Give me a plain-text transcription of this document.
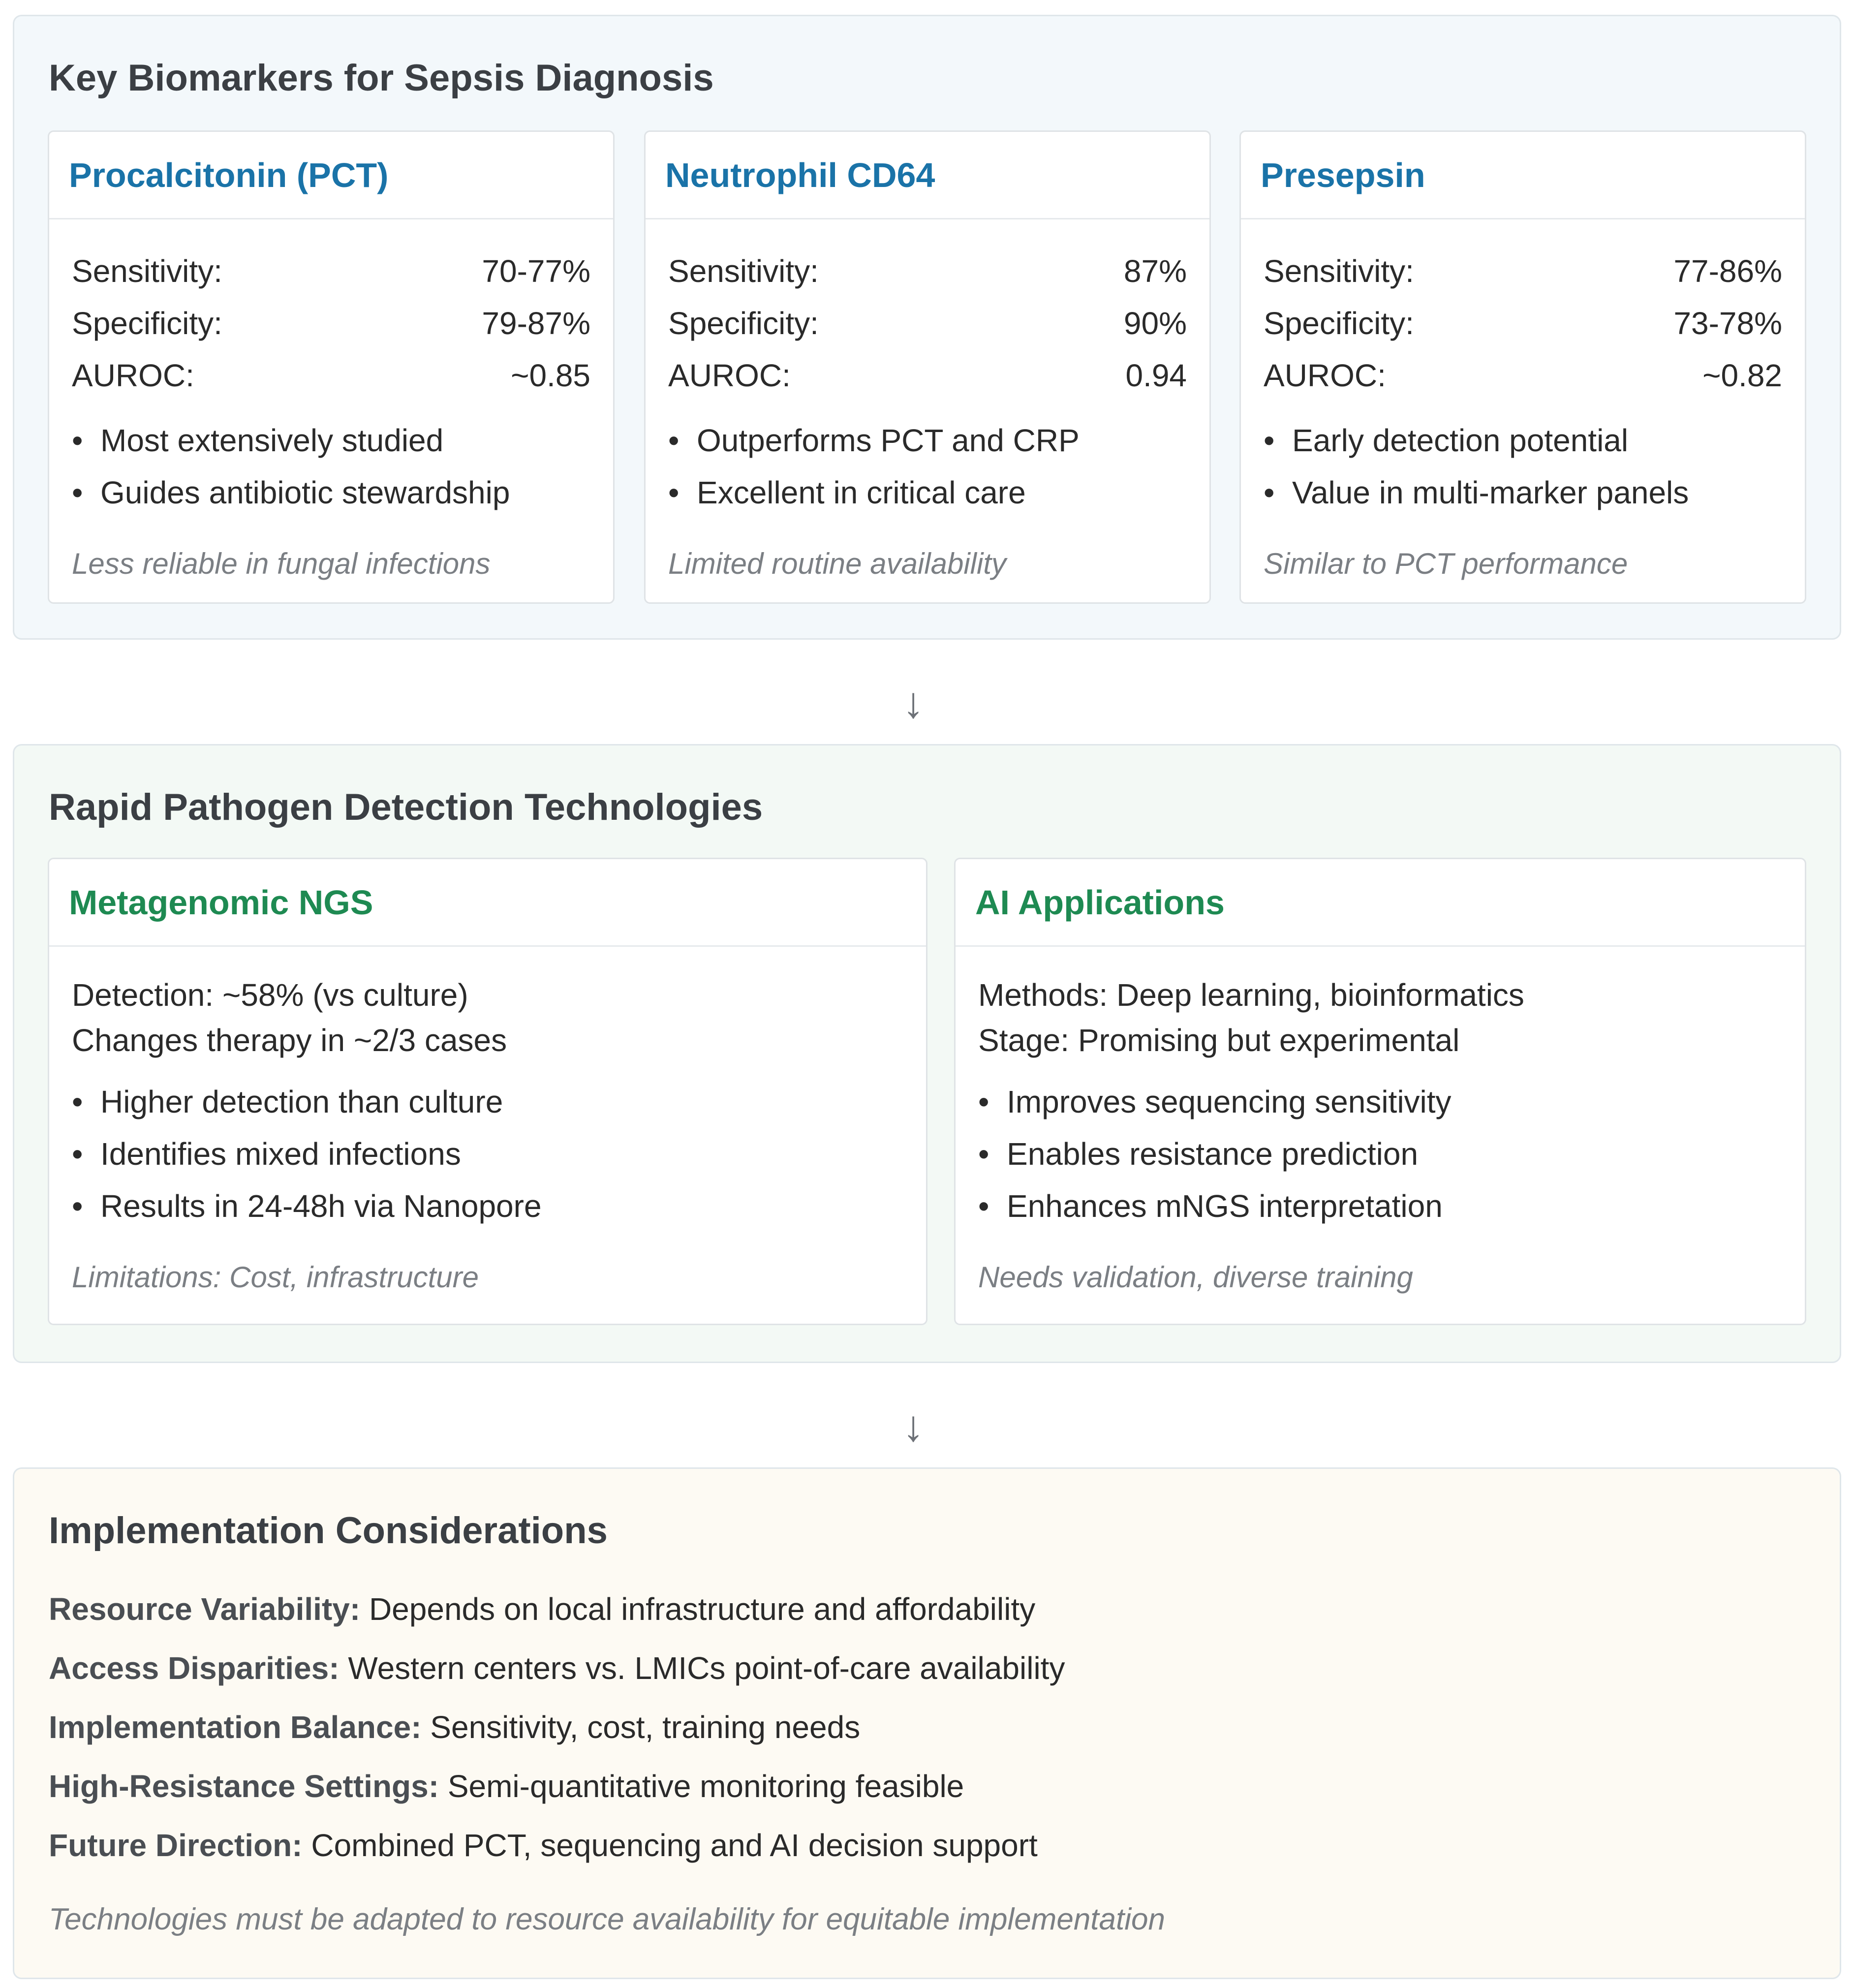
Key Biomarkers for Sepsis Diagnosis
Procalcitonin (PCT)
Sensitivity:	70-77%
Specificity:	79-87%
AUROC:	~0.85
• Most extensively studied
• Guides antibiotic stewardship
Less reliable in fungal infections
Neutrophil CD64
Sensitivity:	87%
Specificity:	90%
AUROC:	0.94
• Outperforms PCT and CRP
• Excellent in critical care
Limited routine availability
Presepsin
Sensitivity:	77-86%
Specificity:	73-78%
AUROC:	~0.82
• Early detection potential
• Value in multi-marker panels
Similar to PCT performance
↓
Rapid Pathogen Detection Technologies
Metagenomic NGS
Detection: ~58% (vs culture)
Changes therapy in ~2/3 cases
• Higher detection than culture
• Identifies mixed infections
• Results in 24-48h via Nanopore
Limitations: Cost, infrastructure
AI Applications
Methods: Deep learning, bioinformatics
Stage: Promising but experimental
• Improves sequencing sensitivity
• Enables resistance prediction
• Enhances mNGS interpretation
Needs validation, diverse training
↓
Implementation Considerations
Resource Variability: Depends on local infrastructure and affordability
Access Disparities: Western centers vs. LMICs point-of-care availability
Implementation Balance: Sensitivity, cost, training needs
High-Resistance Settings: Semi-quantitative monitoring feasible
Future Direction: Combined PCT, sequencing and AI decision support
Technologies must be adapted to resource availability for equitable implementation
